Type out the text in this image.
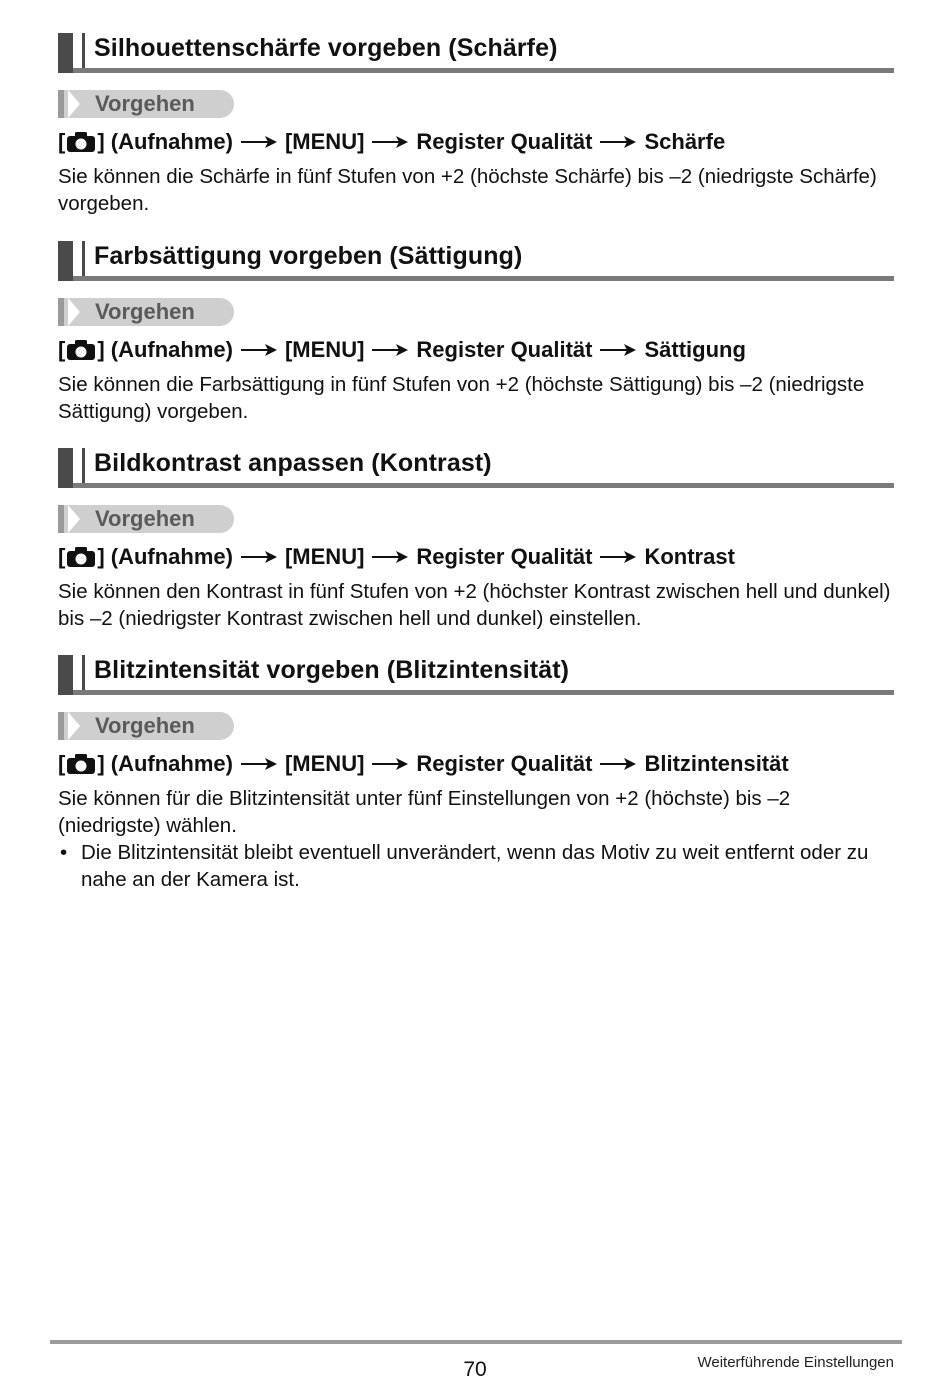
Silhouettenschärfe vorgeben (Schärfe)
Vorgehen
[ ] (Aufnahme) [MENU] Register Qualität Schärfe
Sie können die Schärfe in fünf Stufen von +2 (höchste Schärfe) bis –2 (niedrigste Schärfe) vorgeben.
Farbsättigung vorgeben (Sättigung)
Vorgehen
[ ] (Aufnahme) [MENU] Register Qualität Sättigung
Sie können die Farbsättigung in fünf Stufen von +2 (höchste Sättigung) bis –2 (niedrigste Sättigung) vorgeben.
Bildkontrast anpassen (Kontrast)
Vorgehen
[ ] (Aufnahme) [MENU] Register Qualität Kontrast
Sie können den Kontrast in fünf Stufen von +2 (höchster Kontrast zwischen hell und dunkel) bis –2 (niedrigster Kontrast zwischen hell und dunkel) einstellen.
Blitzintensität vorgeben (Blitzintensität)
Vorgehen
[ ] (Aufnahme) [MENU] Register Qualität Blitzintensität
Sie können für die Blitzintensität unter fünf Einstellungen von +2 (höchste) bis –2 (niedrigste) wählen.
• Die Blitzintensität bleibt eventuell unverändert, wenn das Motiv zu weit entfernt oder zu nahe an der Kamera ist.
70	Weiterführende Einstellungen
